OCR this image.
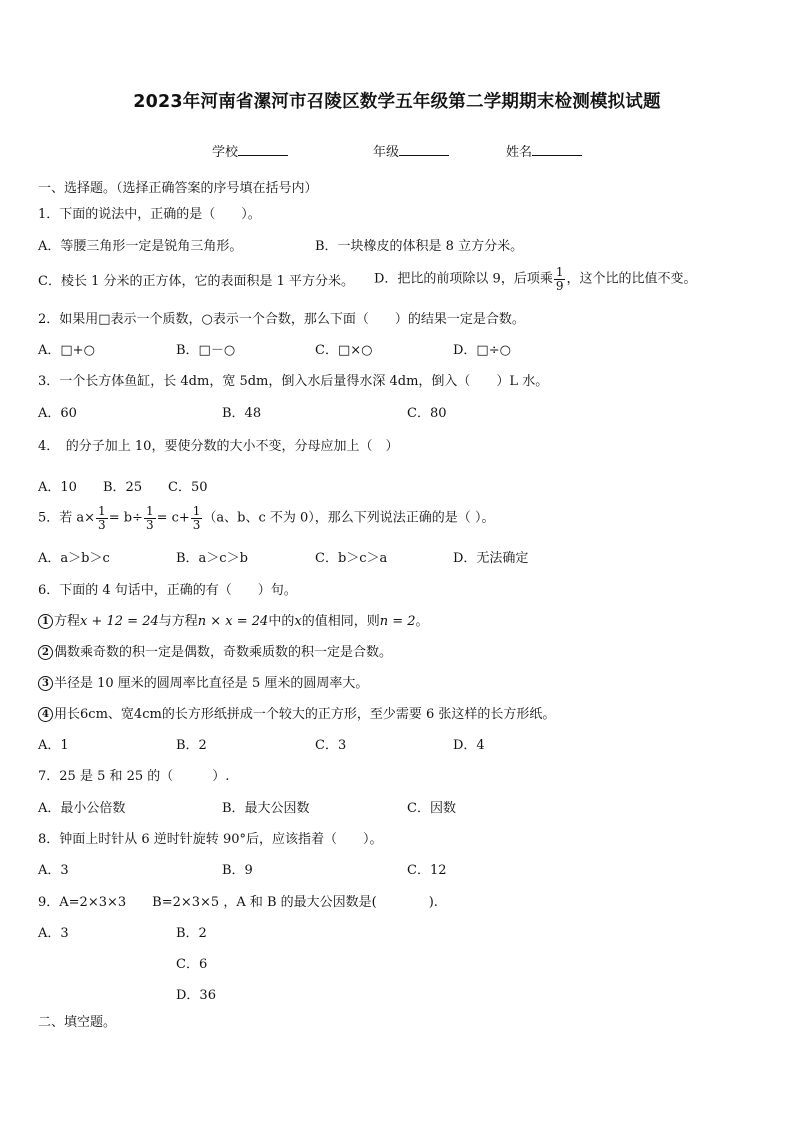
2023年河南省漯河市召陵区数学五年级第二学期期末检测模拟试题
学校	年级	姓名
一、选择题。（选择正确答案的序号填在括号内）
1．下面的说法中，正确的是（　　）。
A．等腰三角形一定是锐角三角形。	B．一块橡皮的体积是 8 立方分米。
C．棱长 1 分米的正方体，它的表面积是 1 平方分米。 D．把比的前项除以 9，后项乘 $\frac{1}{9}$ ，这个比的比值不变。
2．如果用□表示一个质数，○表示一个合数，那么下面（　　）的结果一定是合数。
A．□+○	B．□－○	C．□×○	D．□÷○
3．一个长方体鱼缸，长 4dm，宽 5dm，倒入水后量得水深 4dm，倒入（　　）L 水。
A．60	B．48	C．80
4．　的分子加上 10，要使分数的大小不变，分母应加上（　）
A．10 B．25 C．50
5．若 $a\times \frac{1}{3} = b\div \frac{1}{3} = c+ \frac{1}{3} (a$、b、c 不为 0），那么下列说法正确的是（ ）。
A．a＞b＞c	B．a＞c＞b	C．b＞c＞a	D．无法确定
6．下面的 4 句话中，正确的有（　　）句。
1 方程x + 12 = 24与方程n × x = 24中的x的值相同，则n = 2。
2 偶数乘奇数的积一定是偶数，奇数乘质数的积一定是合数。
3 半径是 10 厘米的圆周率比直径是 5 厘米的圆周率大。
4 用长6cm、宽4cm的长方形纸拼成一个较大的正方形，至少需要 6 张这样的长方形纸。
A．1	B．2	C．3	D．4
7．25 是 5 和 25 的（　　　）.
A．最小公倍数	B．最大公因数	C．因数
8．钟面上时针从 6 逆时针旋转 90°后，应该指着（　　）。
A．3	B．9	C．12
9．A=2×3×3　　B=2×3×5 ，A 和 B 的最大公因数是(　　　　).
A．3	B．2
C．6
D．36
二、填空题。
